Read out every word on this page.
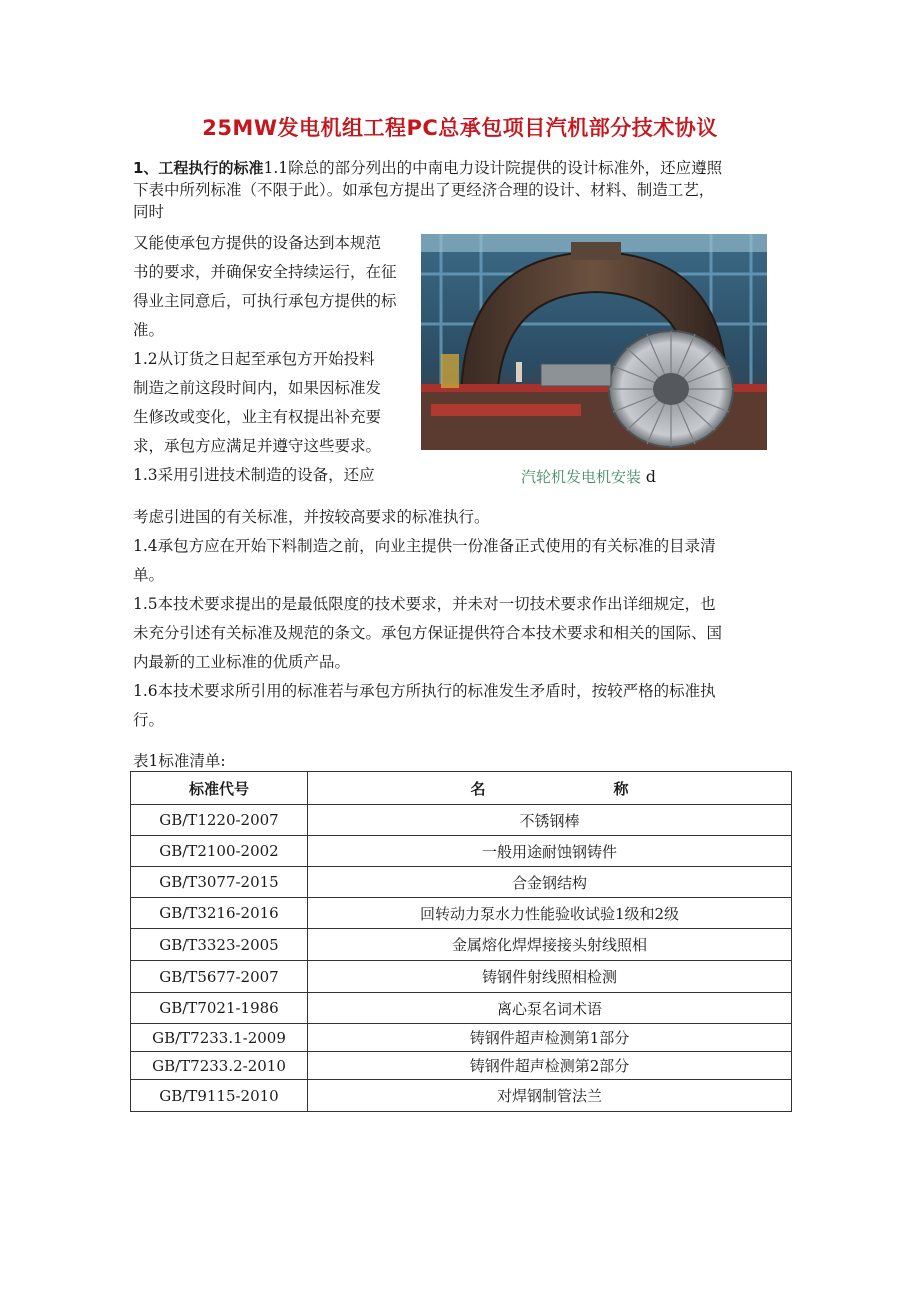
25MW发电机组工程PC总承包项目汽机部分技术协议
1、工程执行的标准1.1除总的部分列出的中南电力设计院提供的设计标准外，还应遵照
下表中所列标准（不限于此）。如承包方提出了更经济合理的设计、材料、制造工艺，
同时
又能使承包方提供的设备达到本规范
书的要求，并确保安全持续运行，在征
得业主同意后，可执行承包方提供的标
准。
1.2从订货之日起至承包方开始投料
制造之前这段时间内，如果因标准发
生修改或变化，业主有权提出补充要
求，承包方应满足并遵守这些要求。
1.3采用引进技术制造的设备，还应	汽轮机发电机安装 d
考虑引进国的有关标准，并按较高要求的标准执行。
1.4承包方应在开始下料制造之前，向业主提供一份准备正式使用的有关标准的目录清
单。
1.5本技术要求提出的是最低限度的技术要求，并未对一切技术要求作出详细规定，也
未充分引述有关标准及规范的条文。承包方保证提供符合本技术要求和相关的国际、国
内最新的工业标准的优质产品。
1.6本技术要求所引用的标准若与承包方所执行的标准发生矛盾时，按较严格的标准执
行。
表1标准清单:
标准代号	名 称
GB/T1220-2007	不锈钢棒
GB/T2100-2002	一般用途耐蚀钢铸件
GB/T3077-2015	合金钢结构
GB/T3216-2016	回转动力泵水力性能验收试验1级和2级
GB/T3323-2005	金属熔化焊焊接接头射线照相
GB/T5677-2007	铸钢件射线照相检测
GB/T7021-1986	离心泵名词术语
GB/T7233.1-2009	铸钢件超声检测第1部分
GB/T7233.2-2010	铸钢件超声检测第2部分
GB/T9115-2010	对焊钢制管法兰
